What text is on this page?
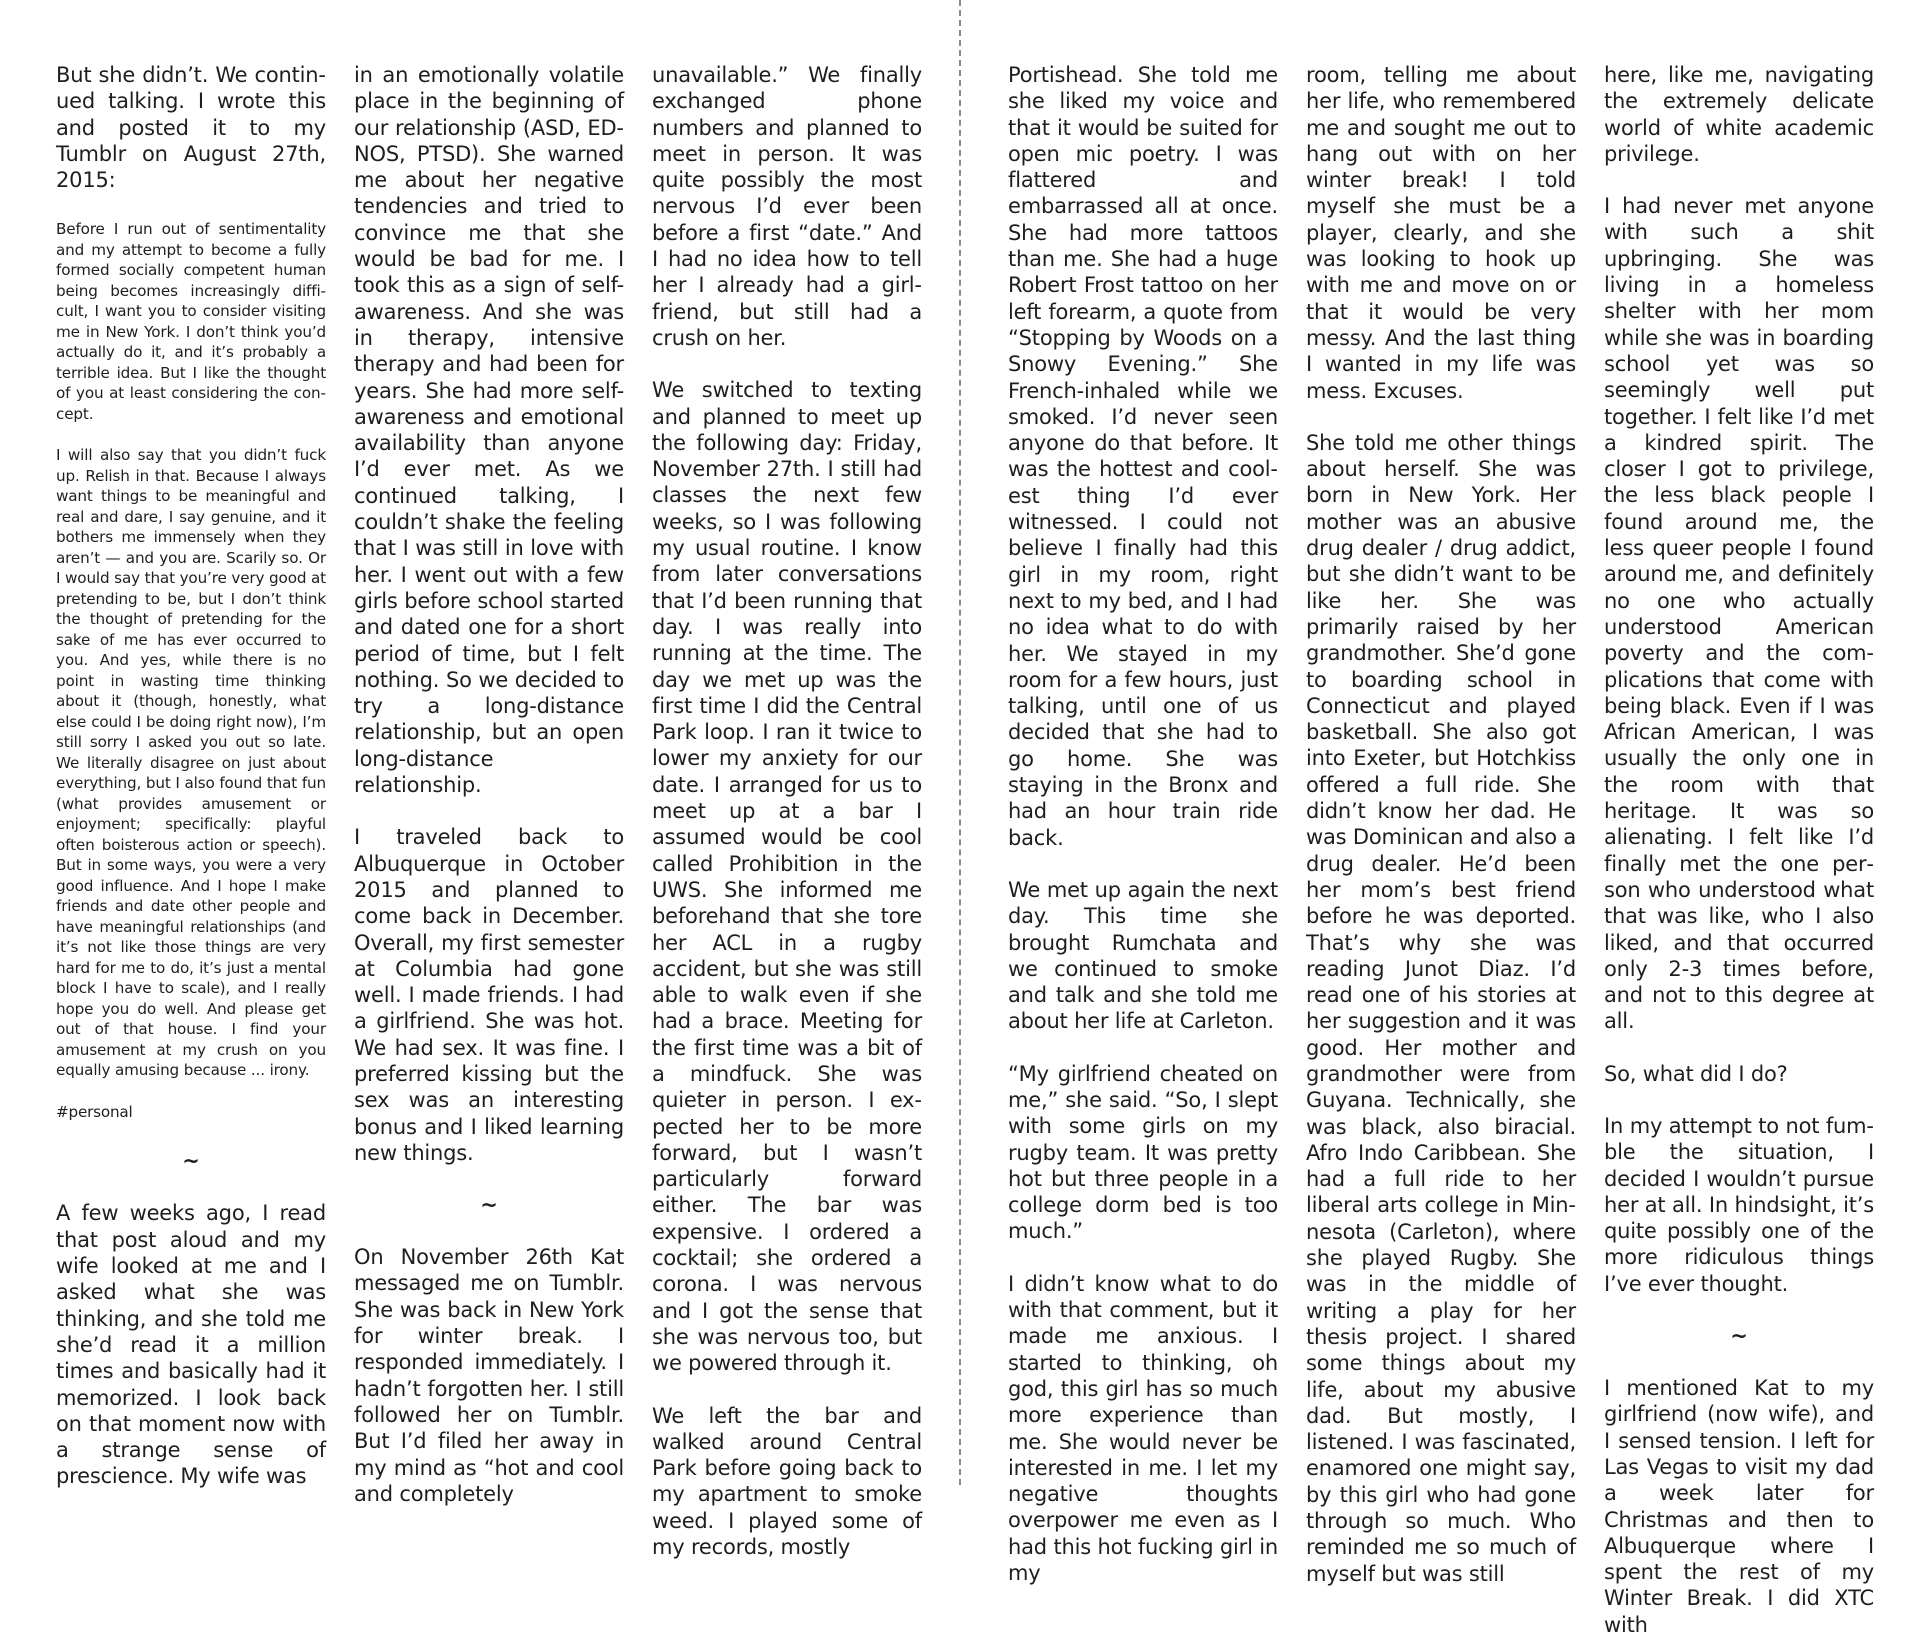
But she didn’t. We continued talking. I wrote this and posted it to my Tumblr on August 27th, 2015:

Before I run out of sentimentality and my attempt to become a fully formed socially competent human being becomes increasingly difficult, I want you to consider visiting me in New York. I don’t think you’d actually do it, and it’s probably a terrible idea. But I like the thought of you at least considering the concept.

I will also say that you didn’t fuck up. Relish in that. Because I always want things to be meaningful and real and dare, I say genuine, and it bothers me immensely when they aren’t — and you are. Scarily so. Or I would say that you’re very good at pretending to be, but I don’t think the thought of pretending for the sake of me has ever occurred to you. And yes, while there is no point in wasting time thinking about it (though, honestly, what else could I be doing right now), I’m still sorry I asked you out so late. We literally disagree on just about everything, but I also found that fun (what provides amusement or enjoyment; specifically: playful often boisterous action or speech). But in some ways, you were a very good influence. And I hope I make friends and date other people and have meaningful relationships (and it’s not like those things are very hard for me to do, it’s just a mental block I have to scale), and I really hope you do well. And please get out of that house. I find your amusement at my crush on you equally amusing because ... irony.

#personal

~

A few weeks ago, I read that post aloud and my wife looked at me and I asked what she was thinking, and she told me she’d read it a million times and basically had it memorized. I look back on that moment now with a strange sense of prescience. My wife was

in an emotionally volatile place in the beginning of our relationship (ASD, EDNOS, PTSD). She warned me about her negative tendencies and tried to convince me that she would be bad for me. I took this as a sign of self-awareness. And she was in therapy, intensive therapy and had been for years. She had more self-awareness and emotional availability than anyone I’d ever met. As we continued talking, I couldn’t shake the feeling that I was still in love with her. I went out with a few girls before school started and dated one for a short period of time, but I felt nothing. So we decided to try a long-distance relationship, but an open long-distance relationship.

I traveled back to Albuquerque in October 2015 and planned to come back in December. Overall, my first semester at Columbia had gone well. I made friends. I had a girlfriend. She was hot. We had sex. It was fine. I preferred kissing but the sex was an interesting bonus and I liked learning new things.

~

On November 26th Kat messaged me on Tumblr. She was back in New York for winter break. I responded immediately. I hadn’t forgotten her. I still followed her on Tumblr. But I’d filed her away in my mind as “hot and cool and completely

unavailable.” We finally exchanged phone numbers and planned to meet in person. It was quite possibly the most nervous I’d ever been before a first “date.” And I had no idea how to tell her I already had a girlfriend, but still had a crush on her.

We switched to texting and planned to meet up the following day: Friday, November 27th. I still had classes the next few weeks, so I was following my usual routine. I know from later conversations that I’d been running that day. I was really into running at the time. The day we met up was the first time I did the Central Park loop. I ran it twice to lower my anxiety for our date. I arranged for us to meet up at a bar I assumed would be cool called Prohibition in the UWS. She informed me beforehand that she tore her ACL in a rugby accident, but she was still able to walk even if she had a brace. Meeting for the first time was a bit of a mindfuck. She was quieter in person. I expected her to be more forward, but I wasn’t particularly forward either. The bar was expensive. I ordered a cocktail; she ordered a corona. I was nervous and I got the sense that she was nervous too, but we powered through it.

We left the bar and walked around Central Park before going back to my apartment to smoke weed. I played some of my records, mostly

Portishead. She told me she liked my voice and that it would be suited for open mic poetry. I was flattered and embarrassed all at once. She had more tattoos than me. She had a huge Robert Frost tattoo on her left forearm, a quote from “Stopping by Woods on a Snowy Evening.” She French-inhaled while we smoked. I’d never seen anyone do that before. It was the hottest and coolest thing I’d ever witnessed. I could not believe I finally had this girl in my room, right next to my bed, and I had no idea what to do with her. We stayed in my room for a few hours, just talking, until one of us decided that she had to go home. She was staying in the Bronx and had an hour train ride back.

We met up again the next day. This time she brought Rumchata and we continued to smoke and talk and she told me about her life at Carleton.

“My girlfriend cheated on me,” she said. “So, I slept with some girls on my rugby team. It was pretty hot but three people in a college dorm bed is too much.”

I didn’t know what to do with that comment, but it made me anxious. I started to thinking, oh god, this girl has so much more experience than me. She would never be interested in me. I let my negative thoughts overpower me even as I had this hot fucking girl in my

room, telling me about her life, who remembered me and sought me out to hang out with on her winter break! I told myself she must be a player, clearly, and she was looking to hook up with me and move on or that it would be very messy. And the last thing I wanted in my life was mess. Excuses.

She told me other things about herself. She was born in New York. Her mother was an abusive drug dealer / drug addict, but she didn’t want to be like her. She was primarily raised by her grandmother. She’d gone to boarding school in Connecticut and played basketball. She also got into Exeter, but Hotchkiss offered a full ride. She didn’t know her dad. He was Dominican and also a drug dealer. He’d been her mom’s best friend before he was deported. That’s why she was reading Junot Diaz. I’d read one of his stories at her suggestion and it was good. Her mother and grandmother were from Guyana. Technically, she was black, also biracial. Afro Indo Caribbean. She had a full ride to her liberal arts college in Minnesota (Carleton), where she played Rugby. She was in the middle of writing a play for her thesis project. I shared some things about my life, about my abusive dad. But mostly, I listened. I was fascinated, enamored one might say, by this girl who had gone through so much. Who reminded me so much of myself but was still

here, like me, navigating the extremely delicate world of white academic privilege.

I had never met anyone with such a shit upbringing. She was living in a homeless shelter with her mom while she was in boarding school yet was so seemingly well put together. I felt like I’d met a kindred spirit. The closer I got to privilege, the less black people I found around me, the less queer people I found around me, and definitely no one who actually understood American poverty and the complications that come with being black. Even if I was African American, I was usually the only one in the room with that heritage. It was so alienating. I felt like I’d finally met the one person who understood what that was like, who I also liked, and that occurred only 2-3 times before, and not to this degree at all.

So, what did I do?

In my attempt to not fumble the situation, I decided I wouldn’t pursue her at all. In hindsight, it’s quite possibly one of the more ridiculous things I’ve ever thought.

~

I mentioned Kat to my girlfriend (now wife), and I sensed tension. I left for Las Vegas to visit my dad a week later for Christmas and then to Albuquerque where I spent the rest of my Winter Break. I did XTC with
